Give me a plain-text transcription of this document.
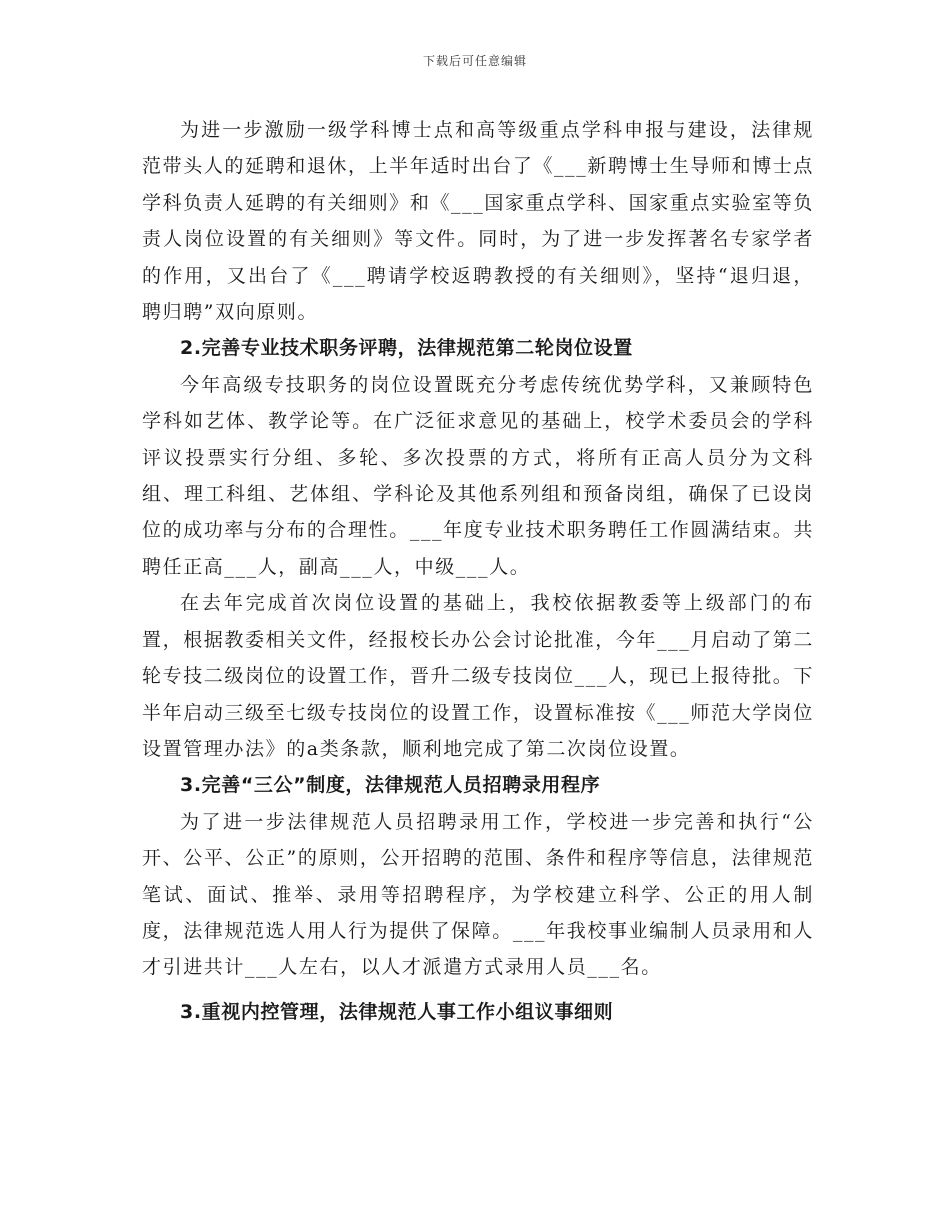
下载后可任意编辑

为进一步激励一级学科博士点和高等级重点学科申报与建设，法律规范带头人的延聘和退休，上半年适时出台了《___新聘博士生导师和博士点学科负责人延聘的有关细则》和《___国家重点学科、国家重点实验室等负责人岗位设置的有关细则》等文件。同时，为了进一步发挥著名专家学者的作用，又出台了《___聘请学校返聘教授的有关细则》，坚持“退归退，聘归聘”双向原则。

2.完善专业技术职务评聘，法律规范第二轮岗位设置

今年高级专技职务的岗位设置既充分考虑传统优势学科，又兼顾特色学科如艺体、教学论等。在广泛征求意见的基础上，校学术委员会的学科评议投票实行分组、多轮、多次投票的方式，将所有正高人员分为文科组、理工科组、艺体组、学科论及其他系列组和预备岗组，确保了已设岗位的成功率与分布的合理性。___年度专业技术职务聘任工作圆满结束。共聘任正高___人，副高___人，中级___人。

在去年完成首次岗位设置的基础上，我校依据教委等上级部门的布置，根据教委相关文件，经报校长办公会讨论批准，今年___月启动了第二轮专技二级岗位的设置工作，晋升二级专技岗位___人，现已上报待批。下半年启动三级至七级专技岗位的设置工作，设置标准按《___师范大学岗位设置管理办法》的a类条款，顺利地完成了第二次岗位设置。

3.完善“三公”制度，法律规范人员招聘录用程序

为了进一步法律规范人员招聘录用工作，学校进一步完善和执行“公开、公平、公正”的原则，公开招聘的范围、条件和程序等信息，法律规范笔试、面试、推举、录用等招聘程序，为学校建立科学、公正的用人制度，法律规范选人用人行为提供了保障。___年我校事业编制人员录用和人才引进共计___人左右，以人才派遣方式录用人员___名。

3.重视内控管理，法律规范人事工作小组议事细则
